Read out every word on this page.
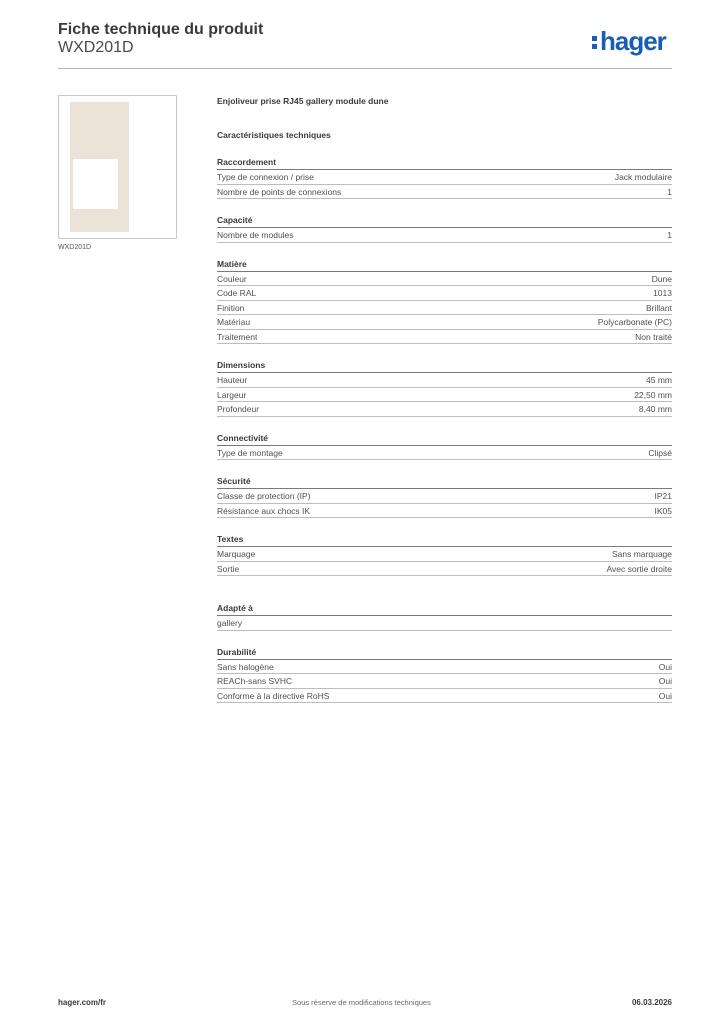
Fiche technique du produit
WXD201D	hager
WXD201D
Enjoliveur prise RJ45 gallery module dune
Caractéristiques techniques
Raccordement
Type de connexion / prise	Jack modulaire
Nombre de points de connexions	1
Capacité
Nombre de modules	1
Matière
Couleur	Dune
Code RAL	1013
Finition	Brillant
Matériau	Polycarbonate (PC)
Traitement	Non traité
Dimensions
Hauteur	45 mm
Largeur	22,50 mm
Profondeur	8,40 mm
Connectivité
Type de montage	Clipsé
Sécurité
Classe de protection (IP)	IP21
Résistance aux chocs IK	IK05
Textes
Marquage	Sans marquage
Sortie	Avec sortie droite
Adapté à
gallery
Durabilité
Sans halogène	Oui
REACh-sans SVHC	Oui
Conforme à la directive RoHS	Oui
hager.com/fr	Sous réserve de modifications techniques	06.03.2026
